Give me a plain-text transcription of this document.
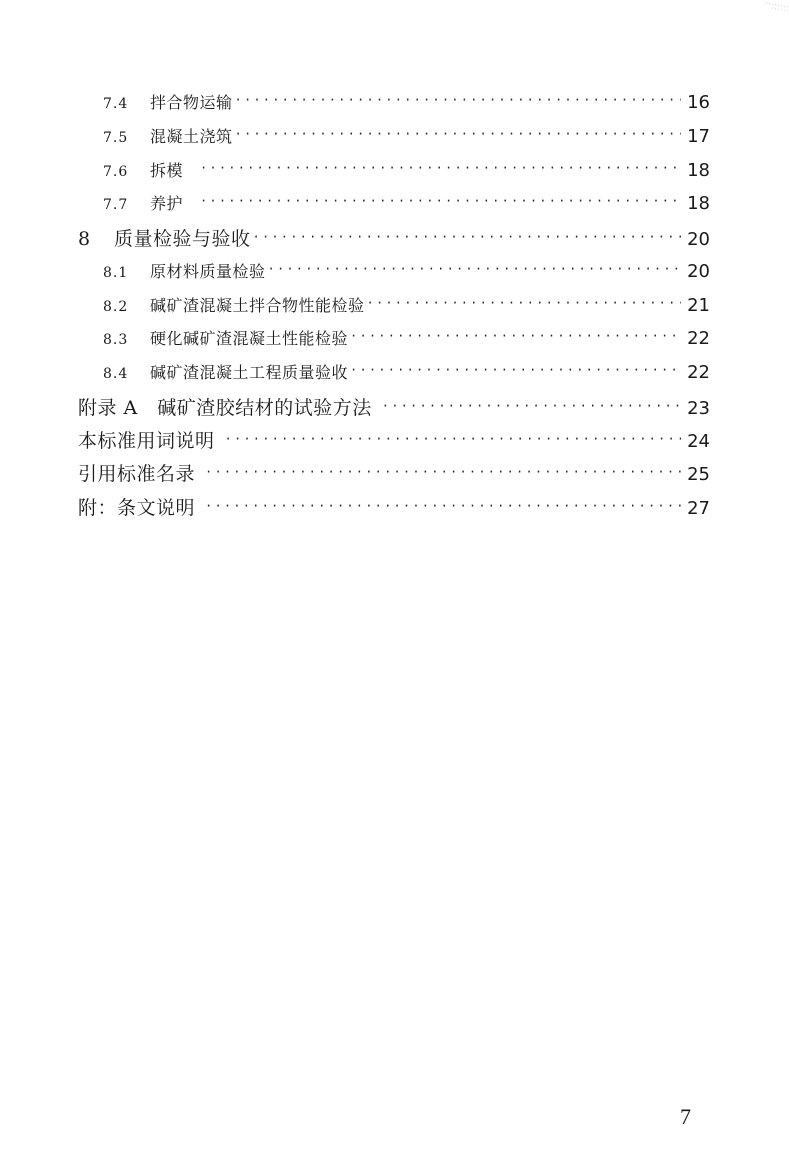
7.4	拌合物运输 ·····	16
7.5	混凝土浇筑 ·····	17
7.6	拆模 ·····	18
7.7	养护 ·····	18
8	质量检验与验收 ·····	20
8.1	原材料质量检验 ·····	20
8.2	碱矿渣混凝土拌合物性能检验 ·····	21
8.3	硬化碱矿渣混凝土性能检验 ·····	22
8.4	碱矿渣混凝土工程质量验收 ·····	22
附录 A　碱矿渣胶结材的试验方法 ·····	23
本标准用词说明 ·····	24
引用标准名录 ·····	25
附：条文说明 ·····	27
7
